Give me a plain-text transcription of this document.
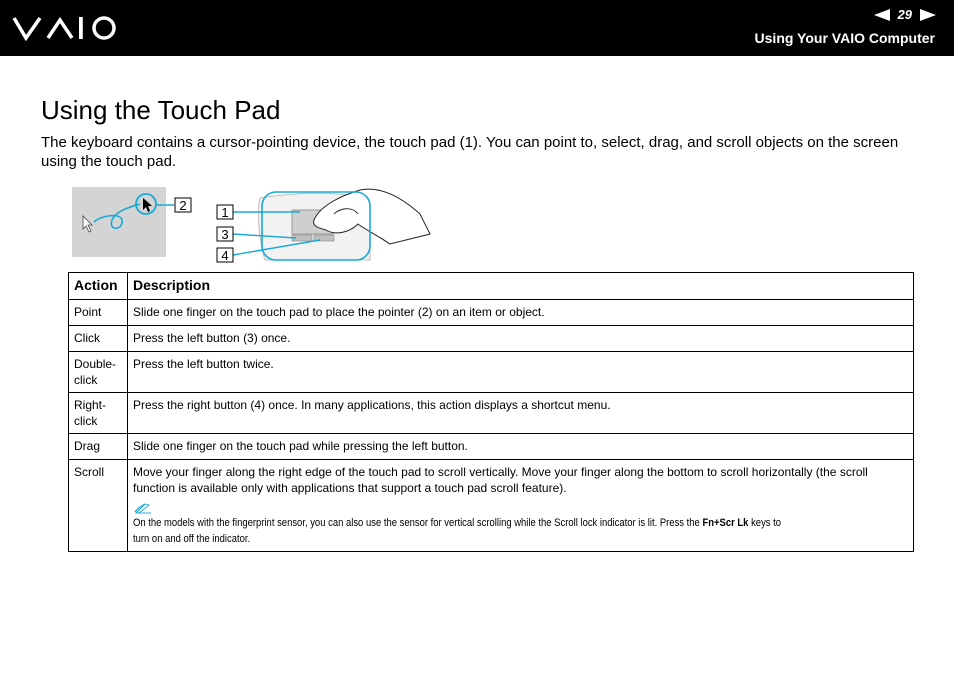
29
Using Your VAIO Computer
Using the Touch Pad

The keyboard contains a cursor-pointing device, the touch pad (1). You can point to, select, drag, and scroll objects on the screen using the touch pad.

2	1
3
4
Action	Description
Point	Slide one finger on the touch pad to place the pointer (2) on an item or object.
Click	Press the left button (3) once.
Double-click	Press the left button twice.
Right-click	Press the right button (4) once. In many applications, this action displays a shortcut menu.
Drag	Slide one finger on the touch pad while pressing the left button.
Scroll	Move your finger along the right edge of the touch pad to scroll vertically. Move your finger along the bottom to scroll horizontally (the scroll function is available only with applications that support a touch pad scroll feature).
On the models with the fingerprint sensor, you can also use the sensor for vertical scrolling while the Scroll lock indicator is lit. Press the Fn+Scr Lk keys to turn on and off the indicator.
